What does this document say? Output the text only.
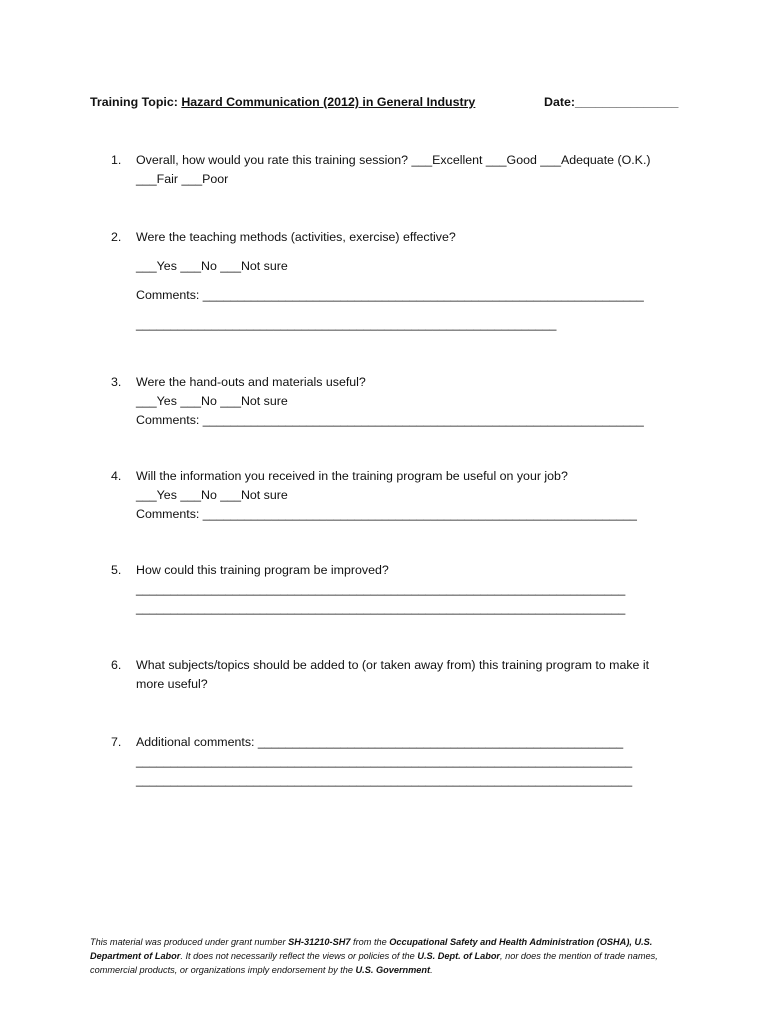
Training Topic: Hazard Communication (2012) in General Industry	Date:_______________
1. Overall, how would you rate this training session? ___Excellent ___Good ___Adequate (O.K.)
___Fair ___Poor
2. Were the teaching methods (activities, exercise) effective?
___Yes ___No ___Not sure
Comments: ________________________________________________________________
_____________________________________________________________
3. Were the hand-outs and materials useful?
___Yes ___No ___Not sure
Comments: ________________________________________________________________
4. Will the information you received in the training program be useful on your job?
___Yes ___No ___Not sure
Comments: _______________________________________________________________
5. How could this training program be improved?
_______________________________________________________________________
_______________________________________________________________________
6. What subjects/topics should be added to (or taken away from) this training program to make it
more useful?
7. Additional comments: _____________________________________________________
________________________________________________________________________
________________________________________________________________________
This material was produced under grant number SH-31210-SH7 from the Occupational Safety and Health Administration (OSHA), U.S. Department of Labor. It does not necessarily reflect the views or policies of the U.S. Dept. of Labor, nor does the mention of trade names, commercial products, or organizations imply endorsement by the U.S. Government.
